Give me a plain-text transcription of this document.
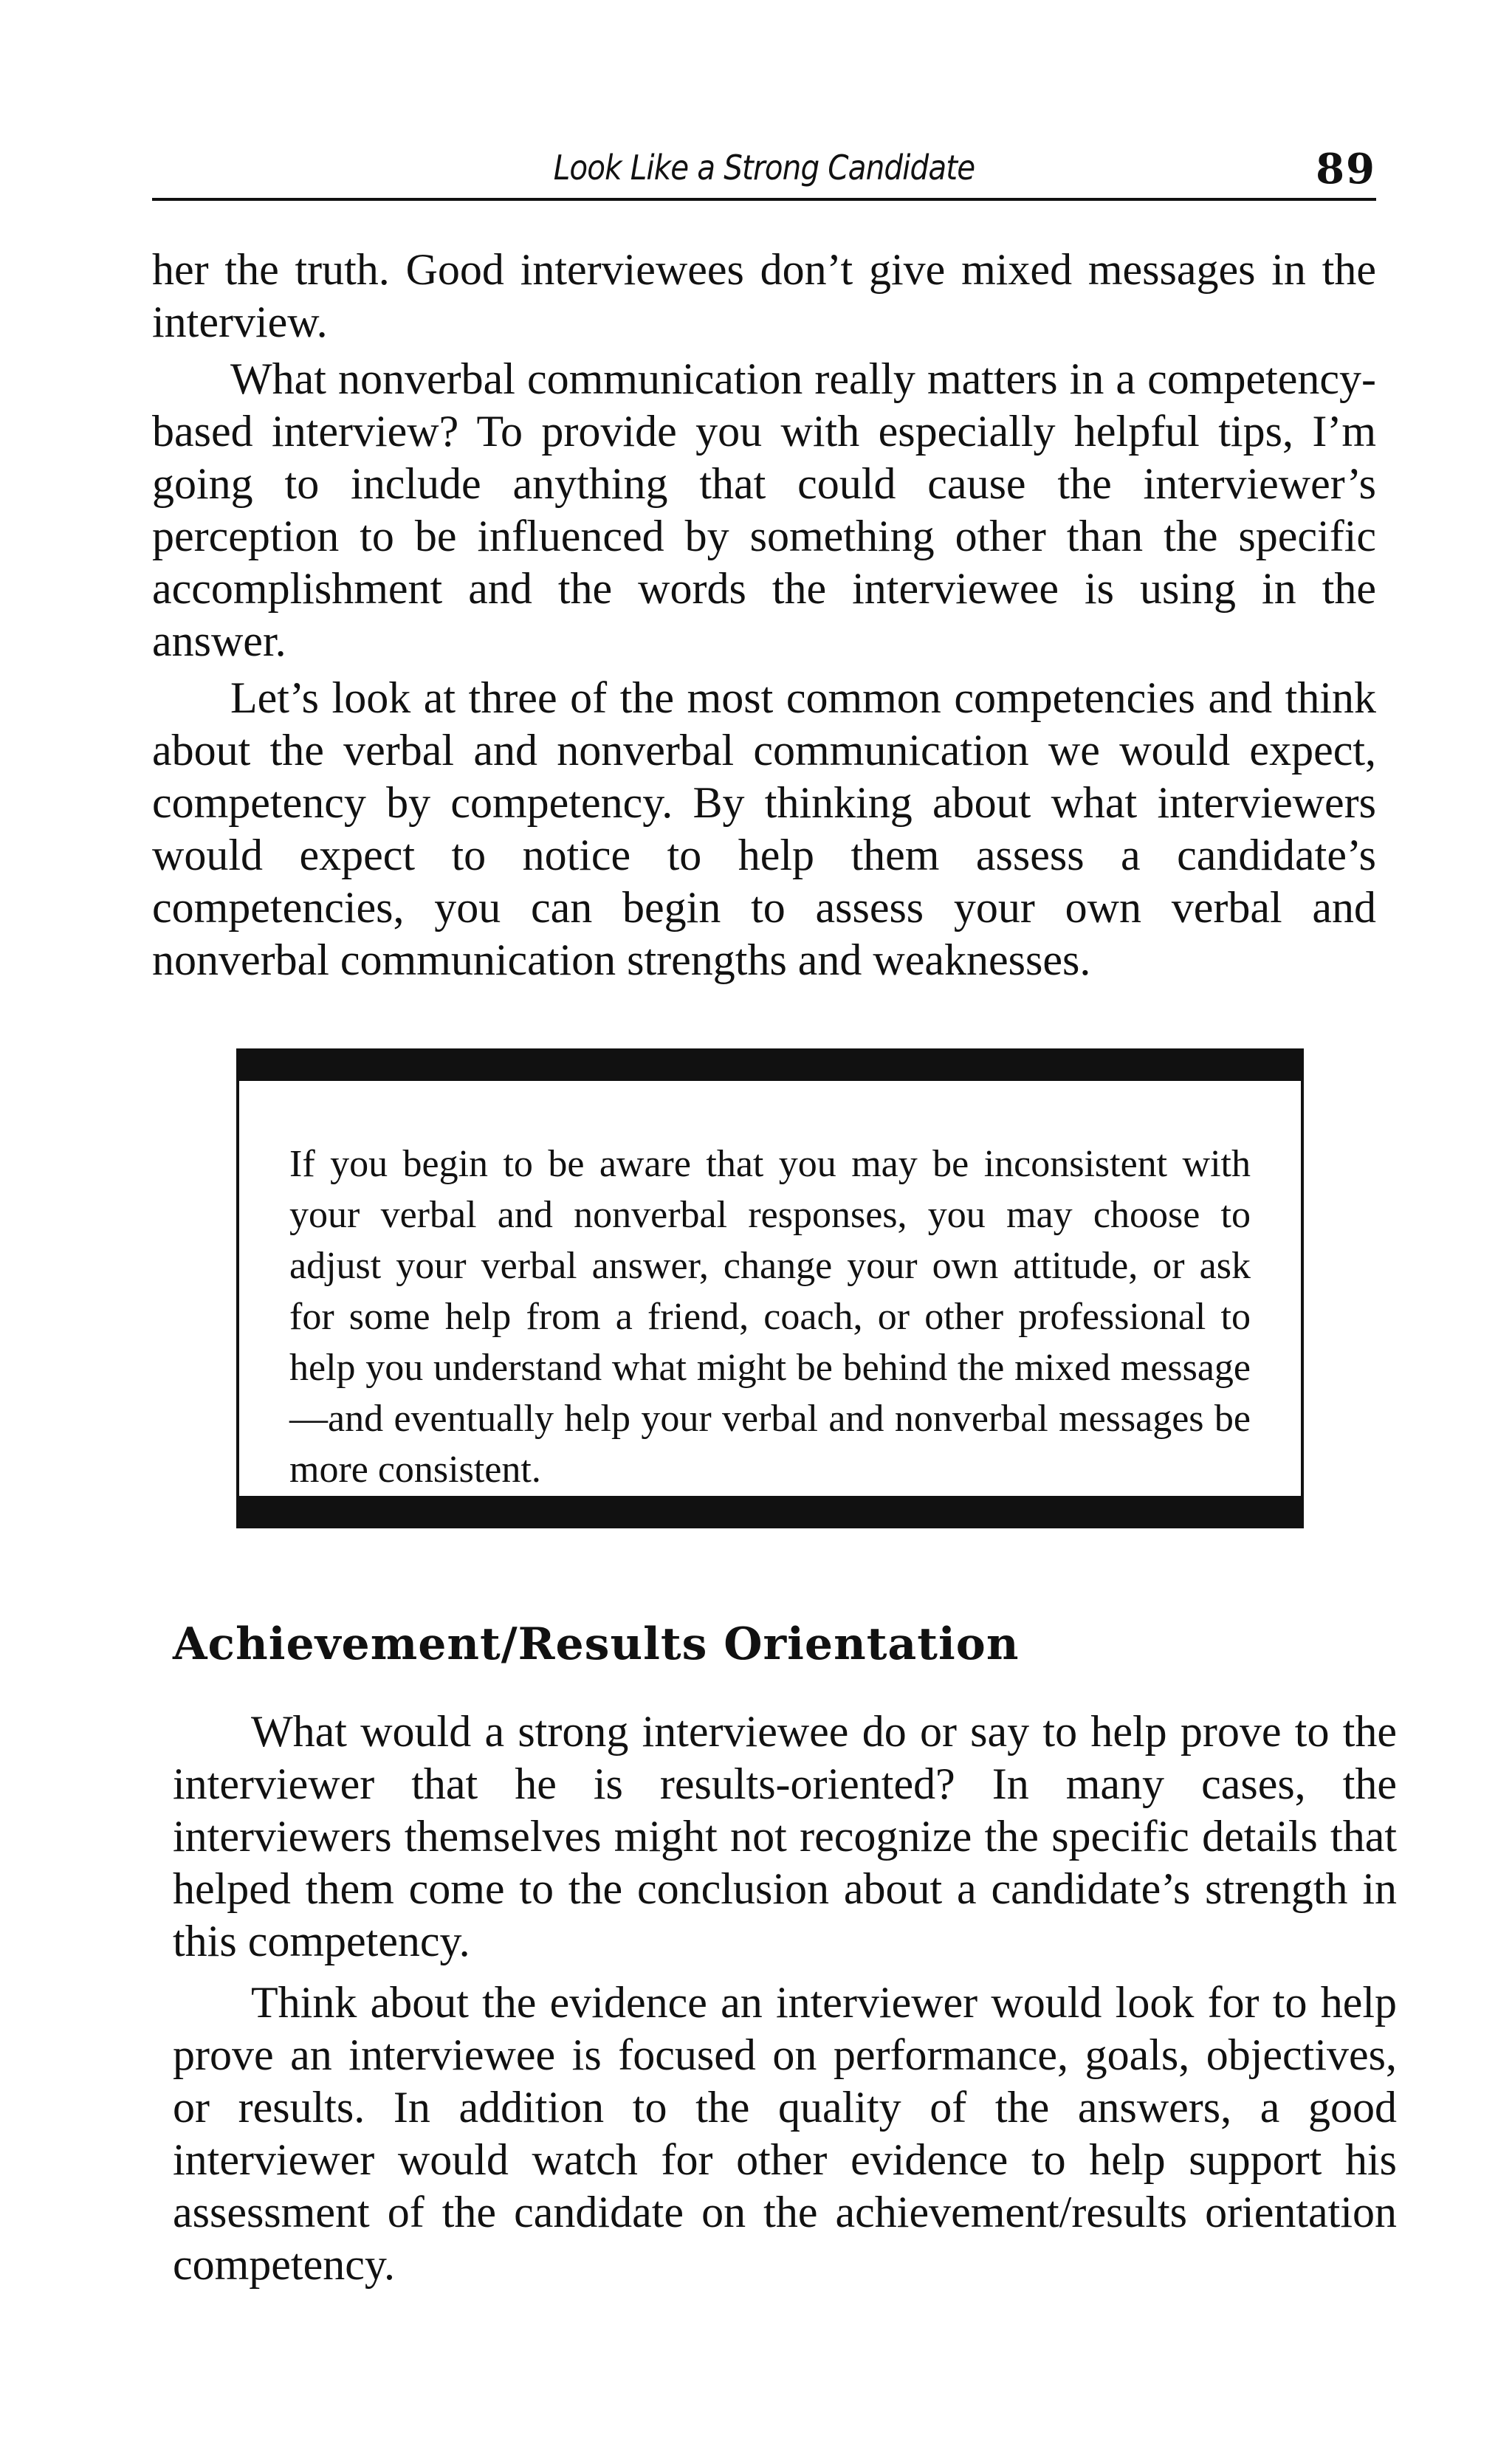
Look Like a Strong Candidate	89

her the truth. Good interviewees don’t give mixed messages in the interview.

What nonverbal communication really matters in a competency-based interview? To provide you with especially helpful tips, I’m going to include anything that could cause the interviewer’s perception to be influenced by something other than the specific accomplishment and the words the interviewee is using in the answer.

Let’s look at three of the most common competencies and think about the verbal and nonverbal communication we would expect, competency by competency. By thinking about what interviewers would expect to notice to help them assess a candidate’s competencies, you can begin to assess your own verbal and nonverbal communication strengths and weaknesses.

If you begin to be aware that you may be inconsistent with your verbal and nonverbal responses, you may choose to adjust your verbal answer, change your own attitude, or ask for some help from a friend, coach, or other professional to help you understand what might be behind the mixed message—and eventually help your verbal and nonverbal messages be more consistent.

Achievement/Results Orientation

What would a strong interviewee do or say to help prove to the interviewer that he is results-oriented? In many cases, the interviewers themselves might not recognize the specific details that helped them come to the conclusion about a candidate’s strength in this competency.

Think about the evidence an interviewer would look for to help prove an interviewee is focused on performance, goals, objectives, or results. In addition to the quality of the answers, a good interviewer would watch for other evidence to help support his assessment of the candidate on the achievement/results orientation competency.
